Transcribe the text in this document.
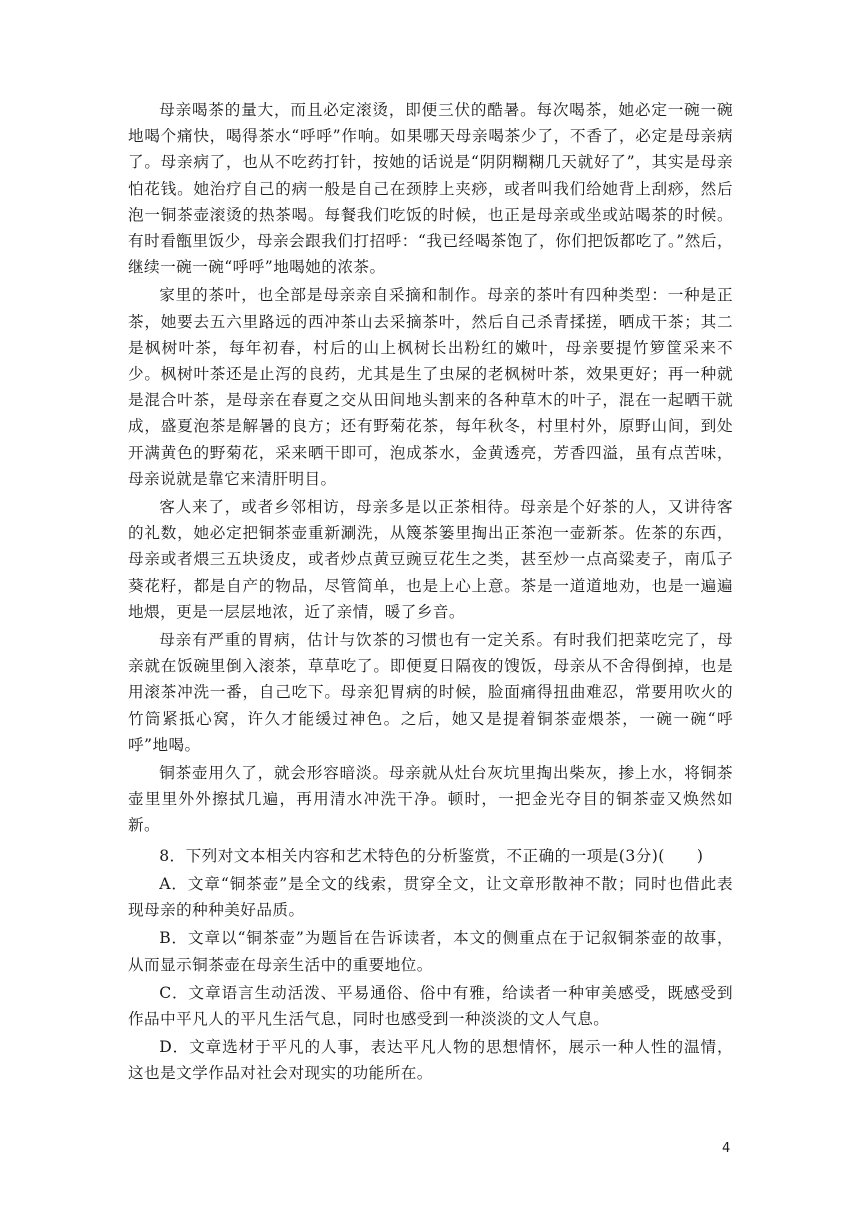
母亲喝茶的量大，而且必定滚烫，即便三伏的酷暑。每次喝茶，她必定一碗一碗地喝个痛快，喝得茶水“呼呼”作响。如果哪天母亲喝茶少了，不香了，必定是母亲病了。母亲病了，也从不吃药打针，按她的话说是“阴阴糊糊几天就好了”，其实是母亲怕花钱。她治疗自己的病一般是自己在颈脖上夹痧，或者叫我们给她背上刮痧，然后泡一铜茶壶滚烫的热茶喝。每餐我们吃饭的时候，也正是母亲或坐或站喝茶的时候。有时看甑里饭少，母亲会跟我们打招呼：“我已经喝茶饱了，你们把饭都吃了。”然后，继续一碗一碗“呼呼”地喝她的浓茶。

家里的茶叶，也全部是母亲亲自采摘和制作。母亲的茶叶有四种类型：一种是正茶，她要去五六里路远的西冲茶山去采摘茶叶，然后自己杀青揉搓，晒成干茶；其二是枫树叶茶，每年初春，村后的山上枫树长出粉红的嫩叶，母亲要提竹箩筐采来不少。枫树叶茶还是止泻的良药，尤其是生了虫屎的老枫树叶茶，效果更好；再一种就是混合叶茶，是母亲在春夏之交从田间地头割来的各种草木的叶子，混在一起晒干就成，盛夏泡茶是解暑的良方；还有野菊花茶，每年秋冬，村里村外，原野山间，到处开满黄色的野菊花，采来晒干即可，泡成茶水，金黄透亮，芳香四溢，虽有点苦味，母亲说就是靠它来清肝明目。

客人来了，或者乡邻相访，母亲多是以正茶相待。母亲是个好茶的人，又讲待客的礼数，她必定把铜茶壶重新涮洗，从篾茶篓里掏出正茶泡一壶新茶。佐茶的东西，母亲或者煨三五块烫皮，或者炒点黄豆豌豆花生之类，甚至炒一点高粱麦子，南瓜子葵花籽，都是自产的物品，尽管简单，也是上心上意。茶是一道道地劝，也是一遍遍地煨，更是一层层地浓，近了亲情，暖了乡音。

母亲有严重的胃病，估计与饮茶的习惯也有一定关系。有时我们把菜吃完了，母亲就在饭碗里倒入滚茶，草草吃了。即便夏日隔夜的馊饭，母亲从不舍得倒掉，也是用滚茶冲洗一番，自己吃下。母亲犯胃病的时候，脸面痛得扭曲难忍，常要用吹火的竹筒紧抵心窝，许久才能缓过神色。之后，她又是提着铜茶壶煨茶，一碗一碗“呼呼”地喝。

铜茶壶用久了，就会形容暗淡。母亲就从灶台灰坑里掏出柴灰，掺上水，将铜茶壶里里外外擦拭几遍，再用清水冲洗干净。顿时，一把金光夺目的铜茶壶又焕然如新。

8．下列对文本相关内容和艺术特色的分析鉴赏，不正确的一项是(3分)(　　)

A．文章“铜茶壶”是全文的线索，贯穿全文，让文章形散神不散；同时也借此表现母亲的种种美好品质。

B．文章以“铜茶壶”为题旨在告诉读者，本文的侧重点在于记叙铜茶壶的故事，从而显示铜茶壶在母亲生活中的重要地位。

C．文章语言生动活泼、平易通俗、俗中有雅，给读者一种审美感受，既感受到作品中平凡人的平凡生活气息，同时也感受到一种淡淡的文人气息。

D．文章选材于平凡的人事，表达平凡人物的思想情怀，展示一种人性的温情，这也是文学作品对社会对现实的功能所在。

4
